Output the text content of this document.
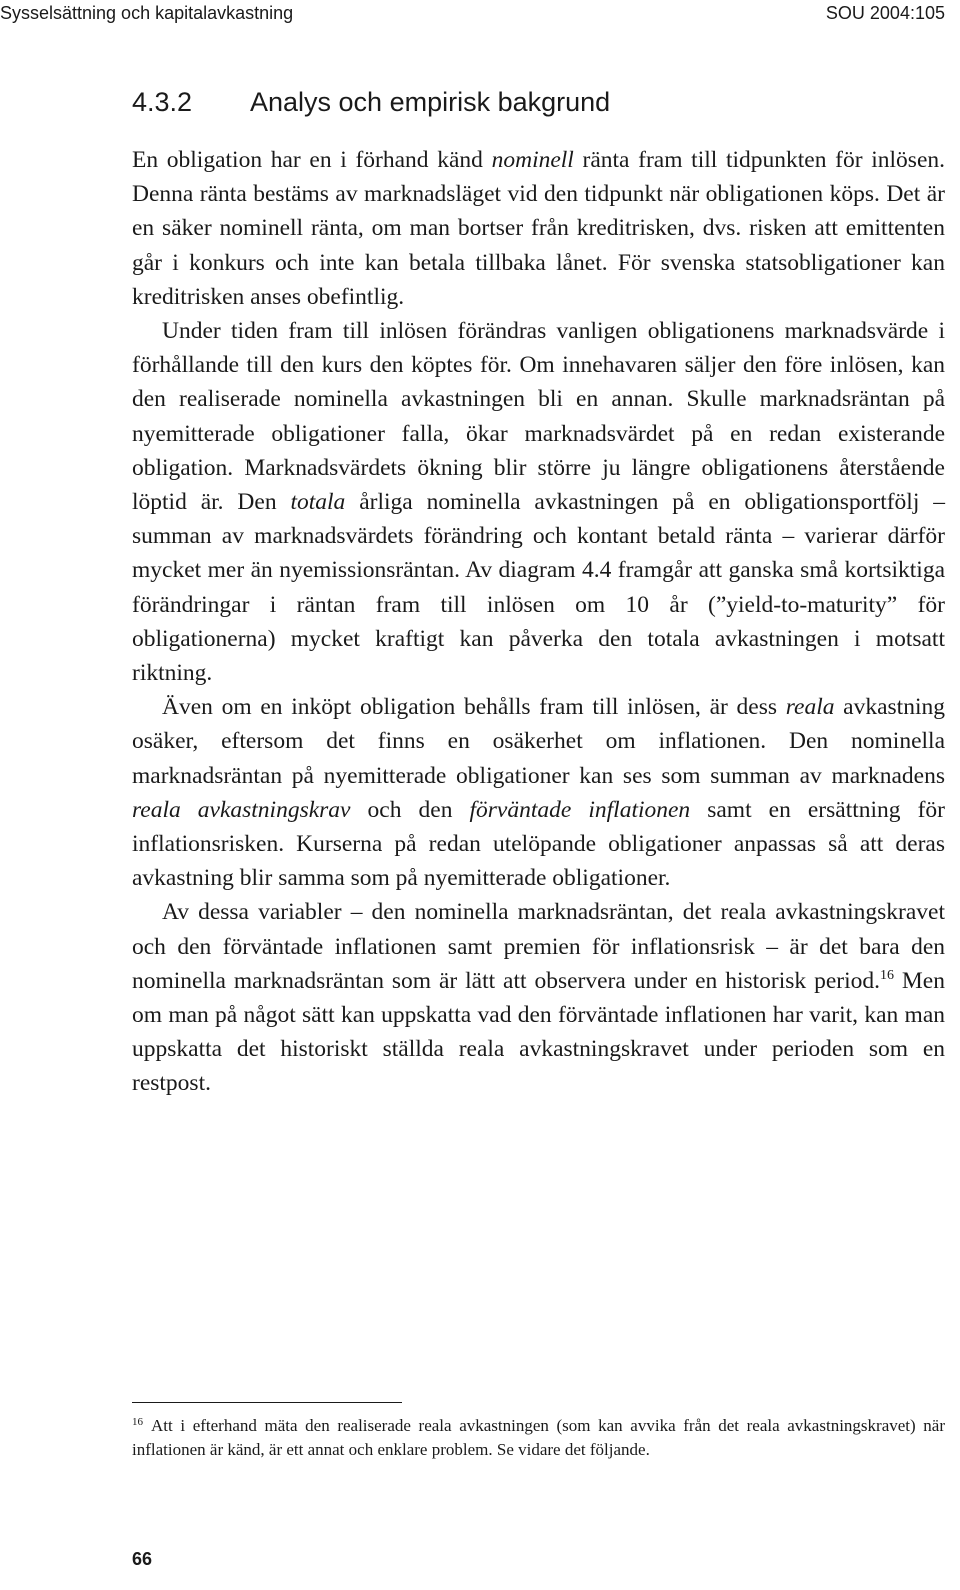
Sysselsättning och kapitalavkastning	SOU 2004:105
4.3.2 Analys och empirisk bakgrund

En obligation har en i förhand känd nominell ränta fram till tidpunkten för inlösen. Denna ränta bestäms av marknadsläget vid den tidpunkt när obligationen köps. Det är en säker nominell ränta, om man bortser från kreditrisken, dvs. risken att emittenten går i konkurs och inte kan betala tillbaka lånet. För svenska statsobligationer kan kreditrisken anses obefintlig.

Under tiden fram till inlösen förändras vanligen obligationens marknadsvärde i förhållande till den kurs den köptes för. Om innehavaren säljer den före inlösen, kan den realiserade nominella avkastningen bli en annan. Skulle marknadsräntan på nyemitterade obligationer falla, ökar marknadsvärdet på en redan existerande obligation. Marknadsvärdets ökning blir större ju längre obligationens återstående löptid är. Den totala årliga nominella avkastningen på en obligationsportfölj – summan av marknadsvärdets förändring och kontant betald ränta – varierar därför mycket mer än nyemissionsräntan. Av diagram 4.4 framgår att ganska små kortsiktiga förändringar i räntan fram till inlösen om 10 år (”yield-to-maturity” för obligationerna) mycket kraftigt kan påverka den totala avkastningen i motsatt riktning.

Även om en inköpt obligation behålls fram till inlösen, är dess reala avkastning osäker, eftersom det finns en osäkerhet om inflationen. Den nominella marknadsräntan på nyemitterade obligationer kan ses som summan av marknadens reala avkastningskrav och den förväntade inflationen samt en ersättning för inflationsrisken. Kurserna på redan utelöpande obligationer anpassas så att deras avkastning blir samma som på nyemitterade obligationer.

Av dessa variabler – den nominella marknadsräntan, det reala avkastningskravet och den förväntade inflationen samt premien för inflationsrisk – är det bara den nominella marknadsräntan som är lätt att observera under en historisk period.$^{16}$ Men om man på något sätt kan uppskatta vad den förväntade inflationen har varit, kan man uppskatta det historiskt ställda reala avkastningskravet under perioden som en restpost.

$^{16}$ Att i efterhand mäta den realiserade reala avkastningen (som kan avvika från det reala avkastningskravet) när inflationen är känd, är ett annat och enklare problem. Se vidare det följande.

66
